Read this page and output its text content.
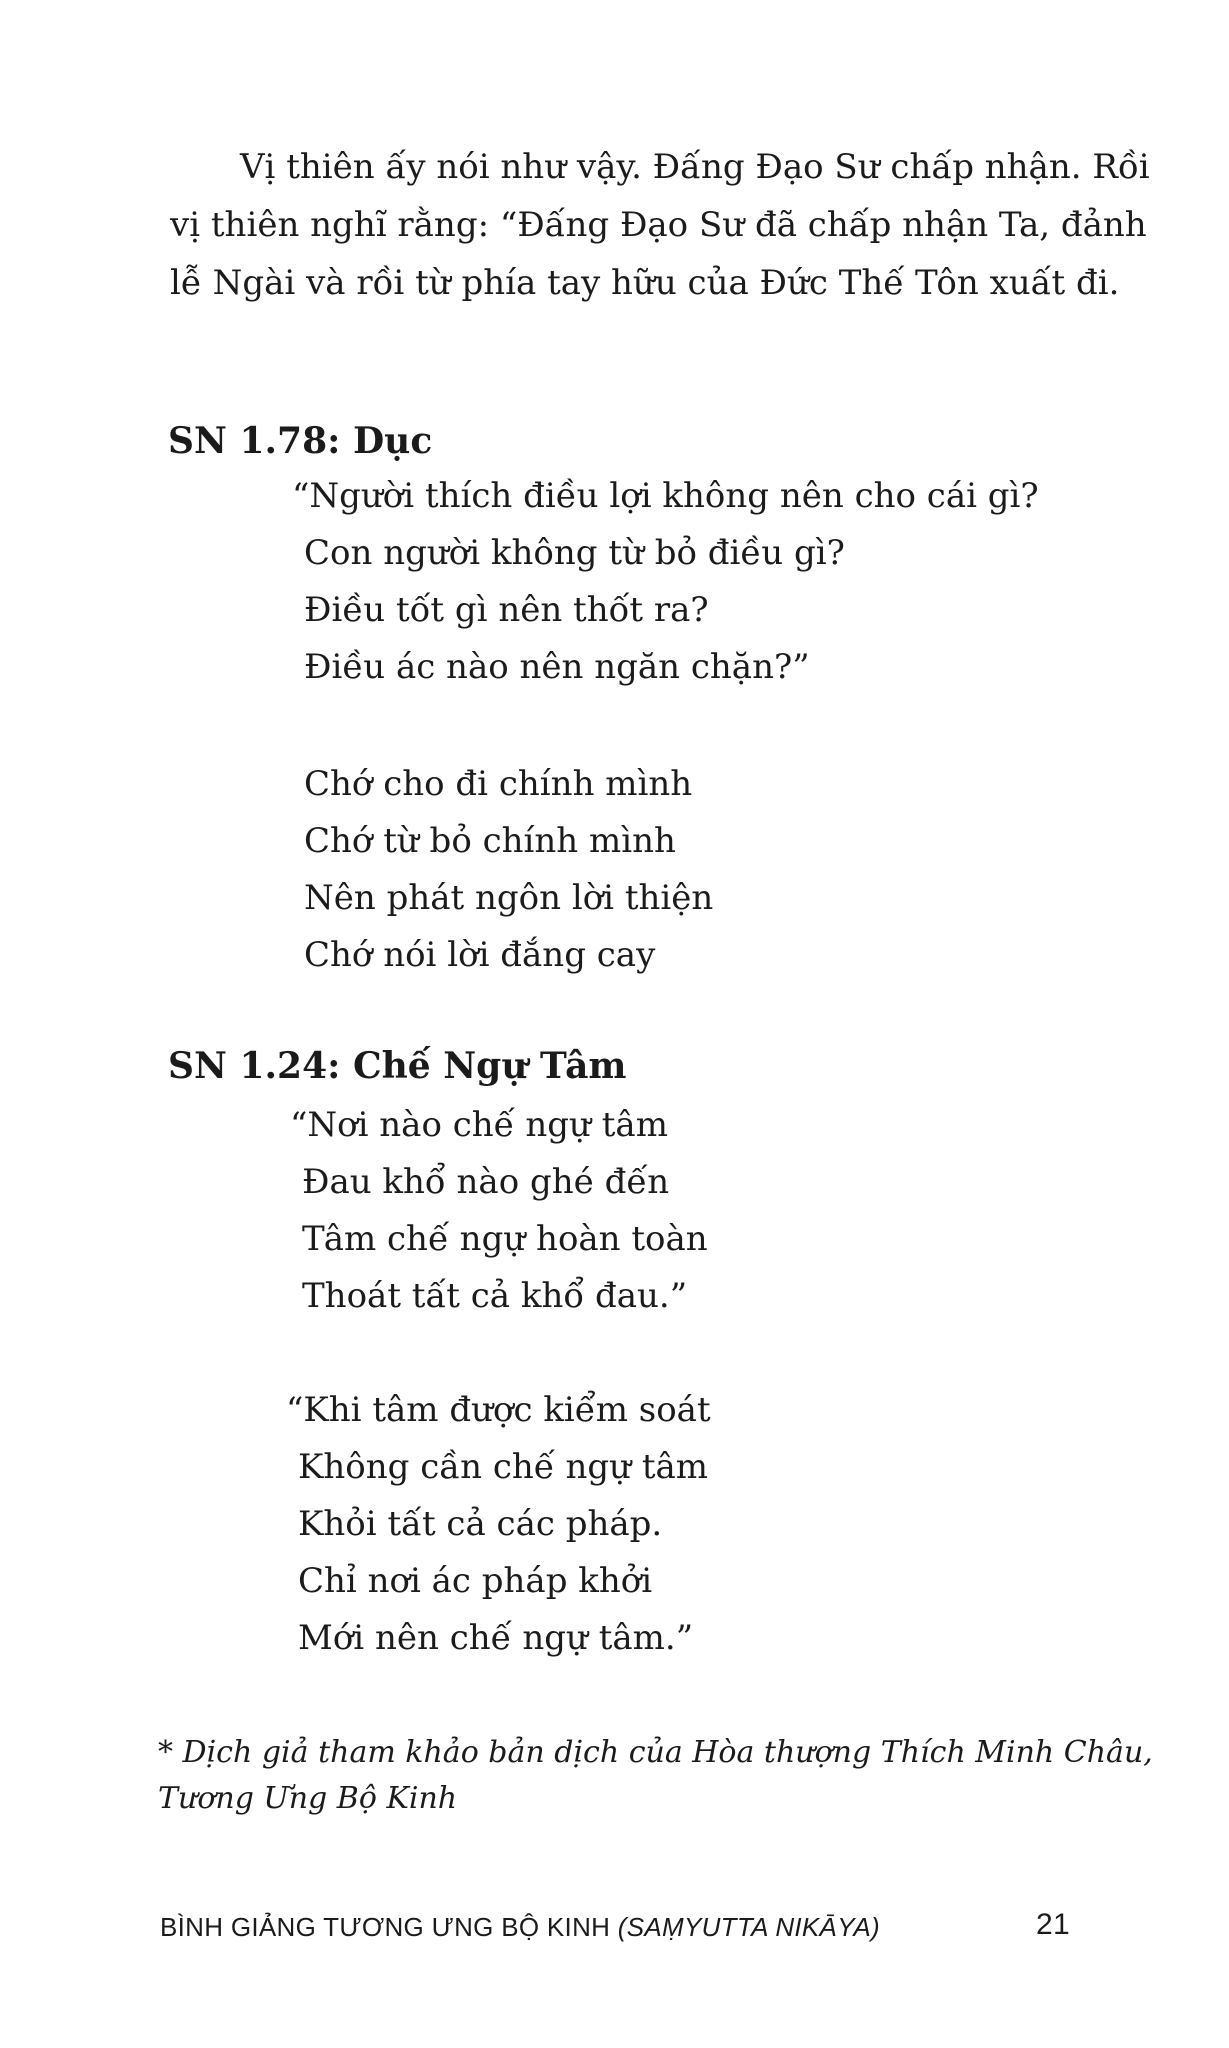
Vị thiên ấy nói như vậy. Đấng Đạo Sư chấp nhận. Rồi
vị thiên nghĩ rằng: “Đấng Đạo Sư đã chấp nhận Ta, đảnh
lễ Ngài và rồi từ phía tay hữu của Đức Thế Tôn xuất đi.
SN 1.78: Dục
“Người thích điều lợi không nên cho cái gì?
Con người không từ bỏ điều gì?
Điều tốt gì nên thốt ra?
Điều ác nào nên ngăn chặn?”
Chớ cho đi chính mình
Chớ từ bỏ chính mình
Nên phát ngôn lời thiện
Chớ nói lời đắng cay
SN 1.24: Chế Ngự Tâm
“Nơi nào chế ngự tâm
Đau khổ nào ghé đến
Tâm chế ngự hoàn toàn
Thoát tất cả khổ đau.”
“Khi tâm được kiểm soát
Không cần chế ngự tâm
Khỏi tất cả các pháp.
Chỉ nơi ác pháp khởi
Mới nên chế ngự tâm.”
* Dịch giả tham khảo bản dịch của Hòa thượng Thích Minh Châu,
Tương Ưng Bộ Kinh
BÌNH GIẢNG TƯƠNG ƯNG BỘ KINH (SAṂYUTTA NIKĀYA)	21
